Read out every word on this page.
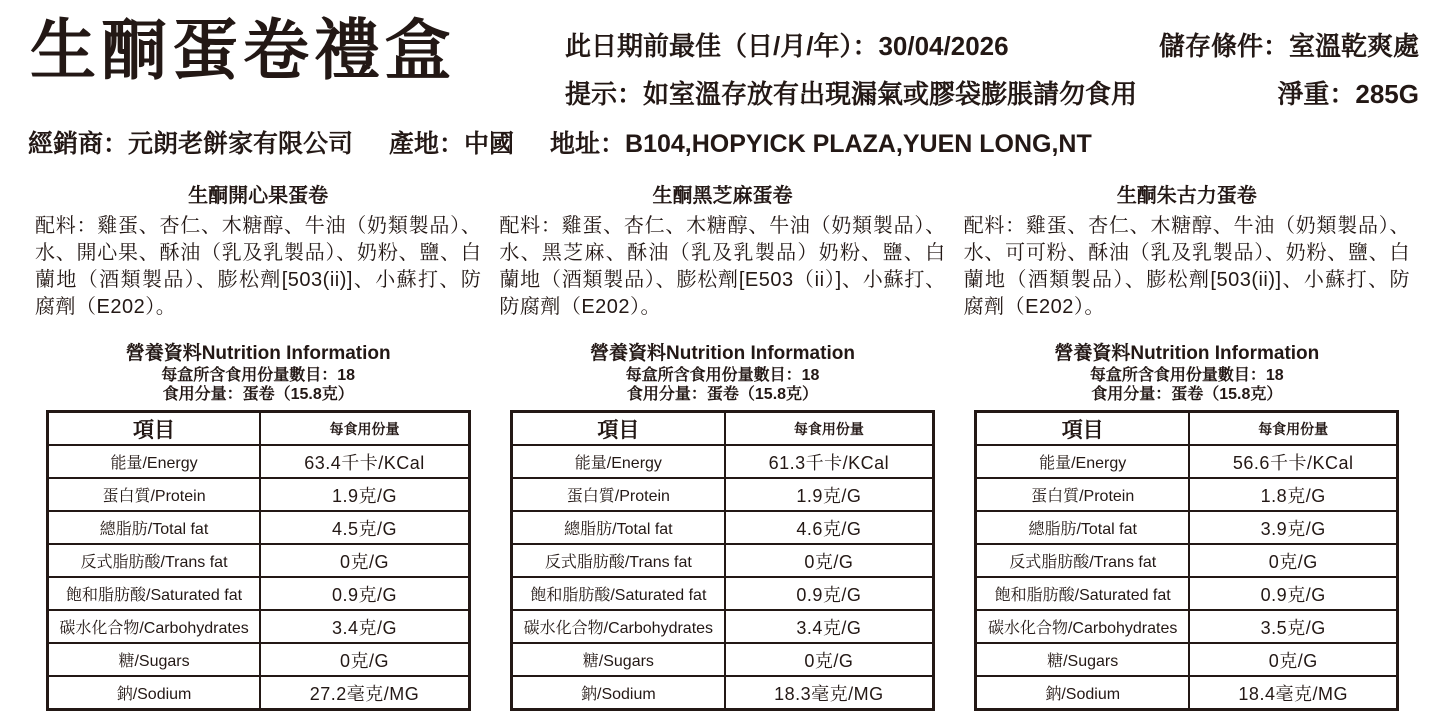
生酮蛋卷禮盒	此日期前最佳（日/月/年）：30/04/2026	儲存條件：室溫乾爽處
提示：如室溫存放有出現漏氣或膠袋膨脹請勿食用	淨重：285G
經銷商：元朗老餅家有限公司 產地：中國 地址：B104,HOPYICK PLAZA,YUEN LONG,NT
生酮開心果蛋卷
配料：雞蛋、杏仁、木糖醇、牛油（奶類製品）、水、開心果、酥油（乳及乳製品）、奶粉、鹽、白蘭地（酒類製品）、膨松劑[503(ii)]、小蘇打、防腐劑（E202）。
營養資料Nutrition Information
每盒所含食用份量數目：18
食用分量：蛋卷（15.8克）
項目	每食用份量
能量/Energy	63.4千卡/KCal
蛋白質/Protein	1.9克/G
總脂肪/Total fat	4.5克/G
反式脂肪酸/Trans fat	0克/G
飽和脂肪酸/Saturated fat	0.9克/G
碳水化合物/Carbohydrates	3.4克/G
糖/Sugars	0克/G
鈉/Sodium	27.2毫克/MG
生酮黑芝麻蛋卷
配料：雞蛋、杏仁、木糖醇、牛油（奶類製品）、水、黑芝麻、酥油（乳及乳製品）奶粉、鹽、白蘭地（酒類製品）、膨松劑[E503（ii）]、小蘇打、防腐劑（E202）。
營養資料Nutrition Information
每盒所含食用份量數目：18
食用分量：蛋卷（15.8克）
項目	每食用份量
能量/Energy	61.3千卡/KCal
蛋白質/Protein	1.9克/G
總脂肪/Total fat	4.6克/G
反式脂肪酸/Trans fat	0克/G
飽和脂肪酸/Saturated fat	0.9克/G
碳水化合物/Carbohydrates	3.4克/G
糖/Sugars	0克/G
鈉/Sodium	18.3毫克/MG
生酮朱古力蛋卷
配料：雞蛋、杏仁、木糖醇、牛油（奶類製品）、水、可可粉、酥油（乳及乳製品）、奶粉、鹽、白蘭地（酒類製品）、膨松劑[503(ii)]、小蘇打、防腐劑（E202）。
營養資料Nutrition Information
每盒所含食用份量數目：18
食用分量：蛋卷（15.8克）
項目	每食用份量
能量/Energy	56.6千卡/KCal
蛋白質/Protein	1.8克/G
總脂肪/Total fat	3.9克/G
反式脂肪酸/Trans fat	0克/G
飽和脂肪酸/Saturated fat	0.9克/G
碳水化合物/Carbohydrates	3.5克/G
糖/Sugars	0克/G
鈉/Sodium	18.4毫克/MG
